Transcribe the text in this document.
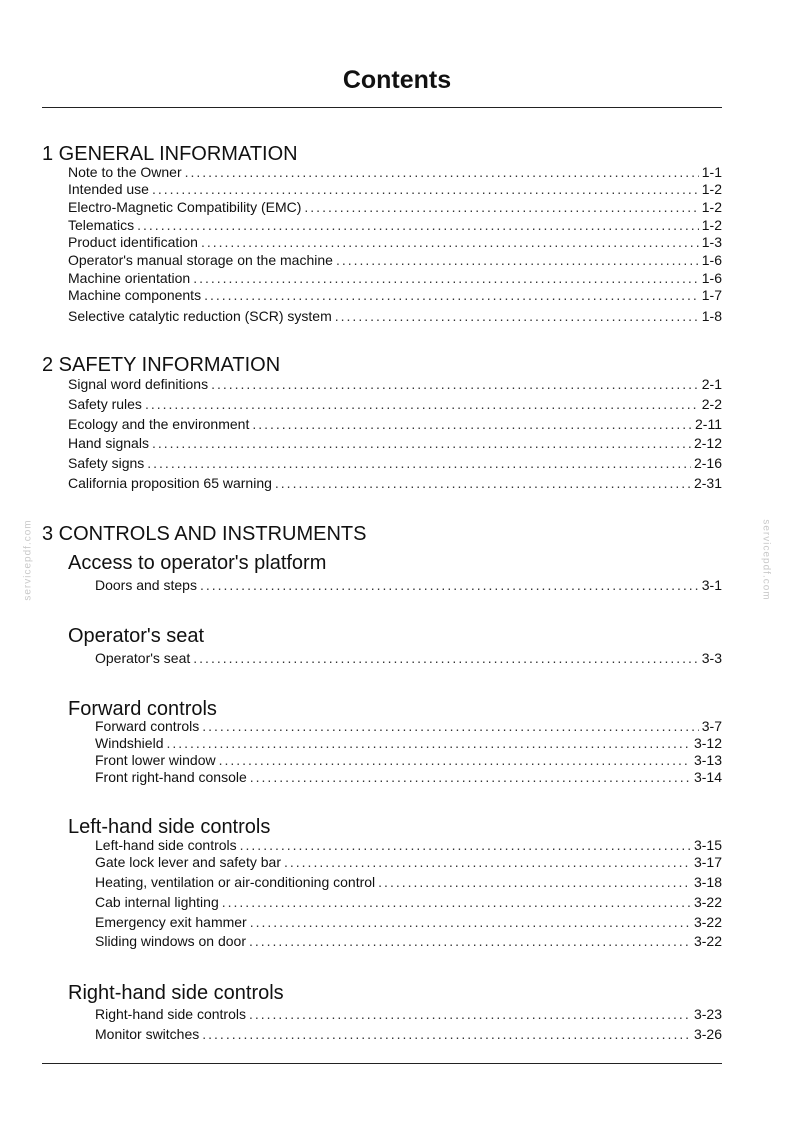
Contents
1 GENERAL INFORMATION
Note to the Owner .....	1-1
Intended use .....	1-2
Electro-Magnetic Compatibility (EMC) .....	1-2
Telematics .....	1-2
Product identification .....	1-3
Operator's manual storage on the machine .....	1-6
Machine orientation .....	1-6
Machine components .....	1-7
Selective catalytic reduction (SCR) system .....	1-8
2 SAFETY INFORMATION
Signal word definitions .....	2-1
Safety rules .....	2-2
Ecology and the environment .....	2-11
Hand signals .....	2-12
Safety signs .....	2-16
California proposition 65 warning .....	2-31
3 CONTROLS AND INSTRUMENTS
Access to operator's platform
Doors and steps .....	3-1
Operator's seat
Operator's seat .....	3-3
Forward controls
Forward controls .....	3-7
Windshield .....	3-12
Front lower window .....	3-13
Front right-hand console .....	3-14
Left-hand side controls
Left-hand side controls .....	3-15
Gate lock lever and safety bar .....	3-17
Heating, ventilation or air-conditioning control .....	3-18
Cab internal lighting .....	3-22
Emergency exit hammer .....	3-22
Sliding windows on door .....	3-22
Right-hand side controls
Right-hand side controls .....	3-23
Monitor switches .....	3-26
servicepdf.com	servicepdf.com
